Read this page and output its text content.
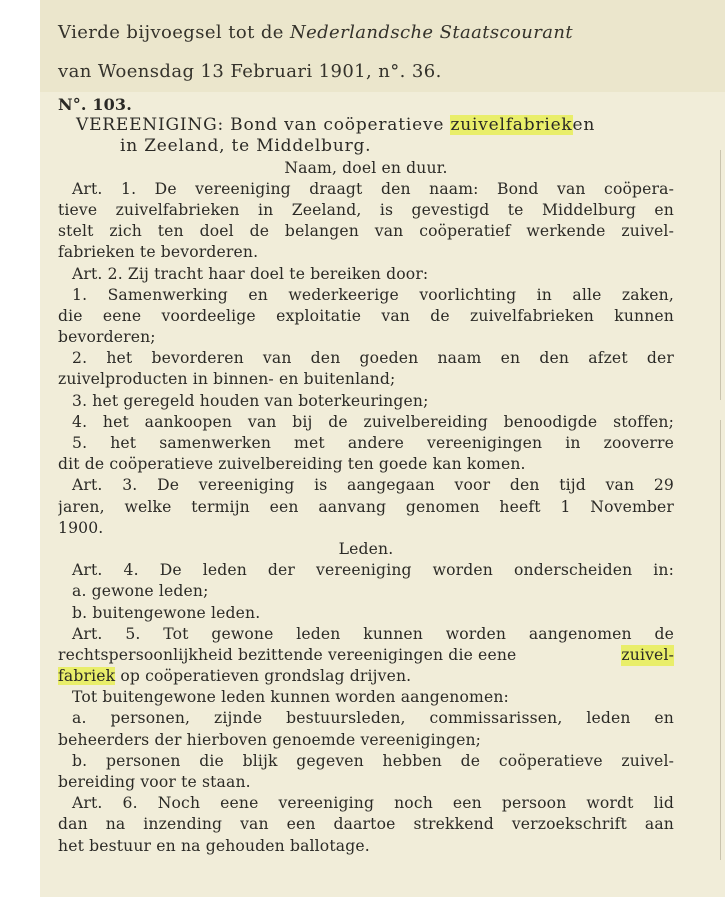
Vierde bijvoegsel tot de Nederlandsche Staatscourant
van Woensdag 13 Februari 1901, n°. 36.
N°. 103.
VEREENIGING: Bond van coöperatieve zuivelfabrieken
in Zeeland, te Middelburg.
Naam, doel en duur.
Art. 1. De vereeniging draagt den naam: Bond van coöpera-
tieve zuivelfabrieken in Zeeland, is gevestigd te Middelburg en
stelt zich ten doel de belangen van coöperatief werkende zuivel-
fabrieken te bevorderen.
Art. 2. Zij tracht haar doel te bereiken door:
1. Samenwerking en wederkeerige voorlichting in alle zaken,
die eene voordeelige exploitatie van de zuivelfabrieken kunnen
bevorderen;
2. het bevorderen van den goeden naam en den afzet der
zuivelproducten in binnen- en buitenland;
3. het geregeld houden van boterkeuringen;
4. het aankoopen van bij de zuivelbereiding benoodigde stoffen;
5. het samenwerken met andere vereenigingen in zooverre
dit de coöperatieve zuivelbereiding ten goede kan komen.
Art. 3. De vereeniging is aangegaan voor den tijd van 29
jaren, welke termijn een aanvang genomen heeft 1 November
1900.
Leden.
Art. 4. De leden der vereeniging worden onderscheiden in:
a. gewone leden;
b. buitengewone leden.
Art. 5. Tot gewone leden kunnen worden aangenomen de
rechtspersoonlijkheid bezittende vereenigingen die eene	zuivel-
fabriek op coöperatieven grondslag drijven.
Tot buitengewone leden kunnen worden aangenomen:
a. personen, zijnde bestuursleden, commissarissen, leden en
beheerders der hierboven genoemde vereenigingen;
b. personen die blijk gegeven hebben de coöperatieve zuivel-
bereiding voor te staan.
Art. 6. Noch eene vereeniging noch een persoon wordt lid
dan na inzending van een daartoe strekkend verzoekschrift aan
het bestuur en na gehouden ballotage.
